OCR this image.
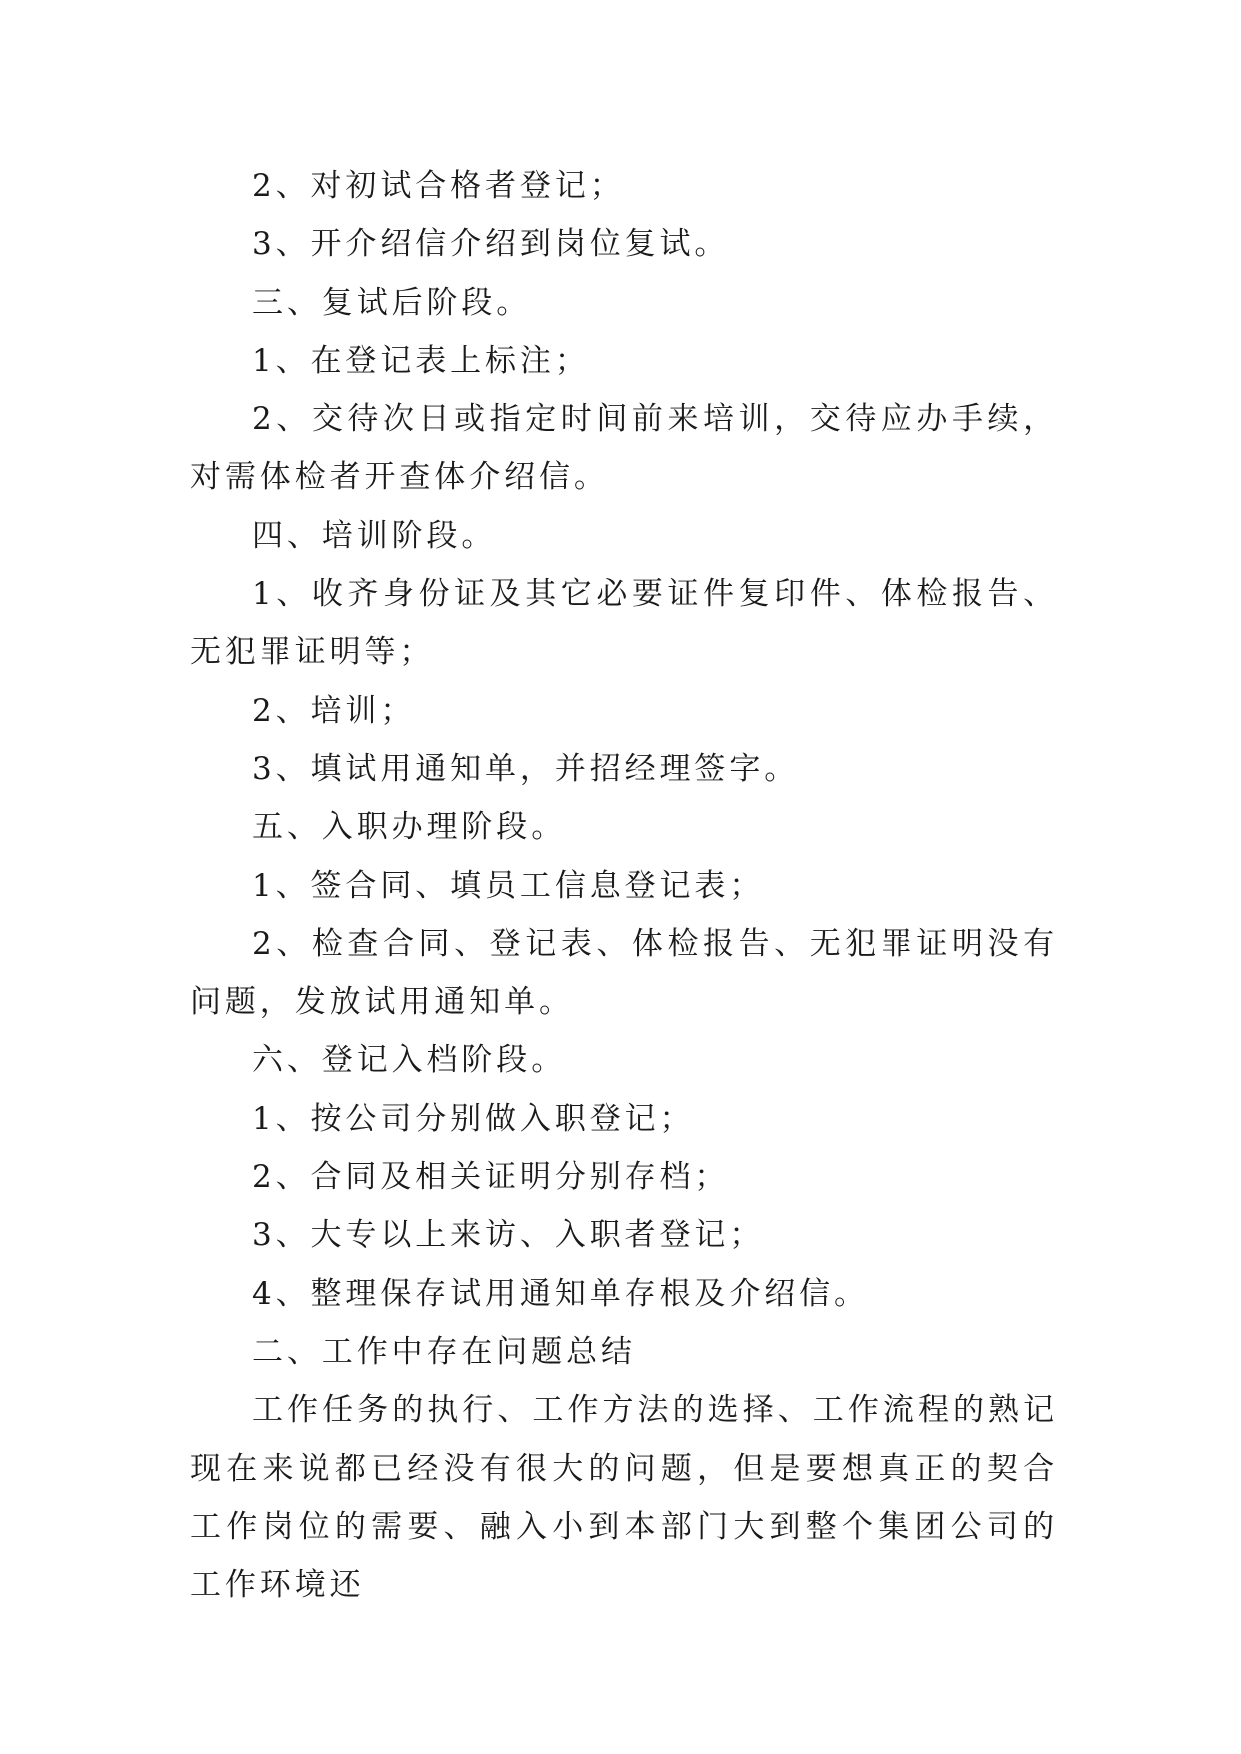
2、对初试合格者登记；

3、开介绍信介绍到岗位复试。

三、复试后阶段。

1、在登记表上标注；

2、交待次日或指定时间前来培训，交待应办手续，对需体检者开查体介绍信。

四、培训阶段。

1、收齐身份证及其它必要证件复印件、体检报告、无犯罪证明等；

2、培训；

3、填试用通知单，并招经理签字。

五、入职办理阶段。

1、签合同、填员工信息登记表；

2、检查合同、登记表、体检报告、无犯罪证明没有问题，发放试用通知单。

六、登记入档阶段。

1、按公司分别做入职登记；

2、合同及相关证明分别存档；

3、大专以上来访、入职者登记；

4、整理保存试用通知单存根及介绍信。

二、工作中存在问题总结

工作任务的执行、工作方法的选择、工作流程的熟记现在来说都已经没有很大的问题，但是要想真正的契合工作岗位的需要、融入小到本部门大到整个集团公司的工作环境还
